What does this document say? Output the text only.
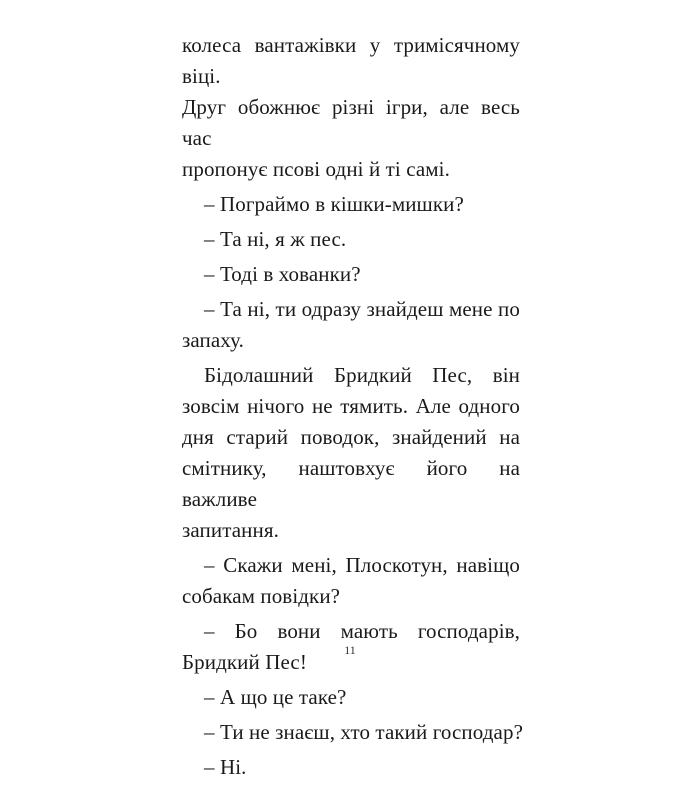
колеса вантажівки у тримісячному віці.
Друг обожнює різні ігри, але весь час
пропонує псові одні й ті самі.
– Пограймо в кішки-мишки?
– Та ні, я ж пес.
– Тоді в хованки?
– Та ні, ти одразу знайдеш мене по
запаху.
Бідолашний Бридкий Пес, він
зовсім нічого не тямить. Але одного
дня старий поводок, знайдений на
смітнику, наштовхує його на важливе
запитання.
– Скажи мені, Плоскотун, навіщо
собакам повідки?
– Бо вони мають господарів,
Бридкий Пес!
– А що це таке?
– Ти не знаєш, хто такий господар?
– Ні.
11
